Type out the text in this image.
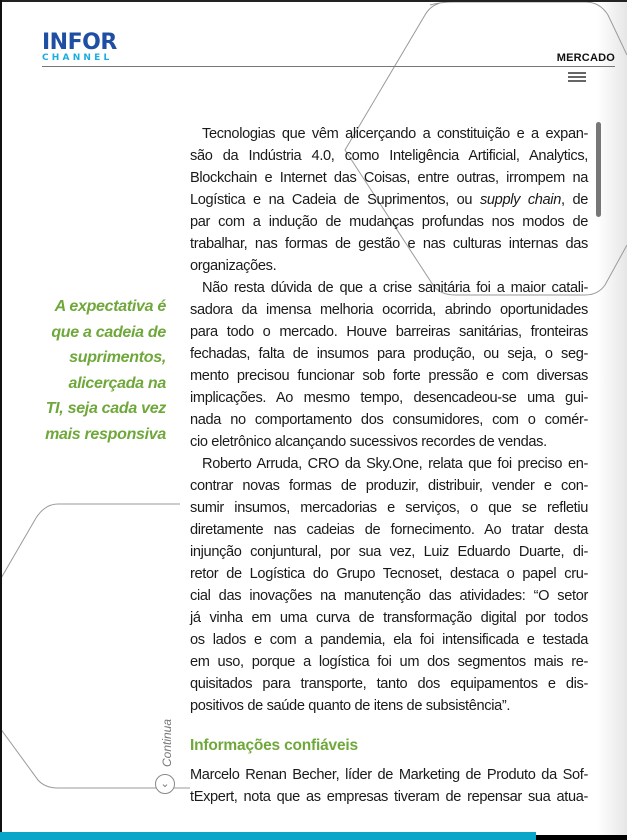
INFOR
CHANNEL	MERCADO
A expectativa é
que a cadeia de
suprimentos,
alicerçada na
TI, seja cada vez
mais responsiva
Tecnologias que vêm alicerçando a constituição e a expan-
são da Indústria 4.0, como Inteligência Artificial, Analytics,
Blockchain e Internet das Coisas, entre outras, irrompem na
Logística e na Cadeia de Suprimentos, ou supply chain, de
par com a indução de mudanças profundas nos modos de
trabalhar, nas formas de gestão e nas culturas internas das
organizações.
Não resta dúvida de que a crise sanitária foi a maior catali-
sadora da imensa melhoria ocorrida, abrindo oportunidades
para todo o mercado. Houve barreiras sanitárias, fronteiras
fechadas, falta de insumos para produção, ou seja, o seg-
mento precisou funcionar sob forte pressão e com diversas
implicações. Ao mesmo tempo, desencadeou-se uma gui-
nada no comportamento dos consumidores, com o comér-
cio eletrônico alcançando sucessivos recordes de vendas.
Roberto Arruda, CRO da Sky.One, relata que foi preciso en-
contrar novas formas de produzir, distribuir, vender e con-
sumir insumos, mercadorias e serviços, o que se refletiu
diretamente nas cadeias de fornecimento. Ao tratar desta
injunção conjuntural, por sua vez, Luiz Eduardo Duarte, di-
retor de Logística do Grupo Tecnoset, destaca o papel cru-
cial das inovações na manutenção das atividades: “O setor
já vinha em uma curva de transformação digital por todos
os lados e com a pandemia, ela foi intensificada e testada
em uso, porque a logística foi um dos segmentos mais re-
quisitados para transporte, tanto dos equipamentos e dis-
positivos de saúde quanto de itens de subsistência”.
Informações confiáveis
Marcelo Renan Becher, líder de Marketing de Produto da Sof-
tExpert, nota que as empresas tiveram de repensar sua atua-
Continua
⌄
